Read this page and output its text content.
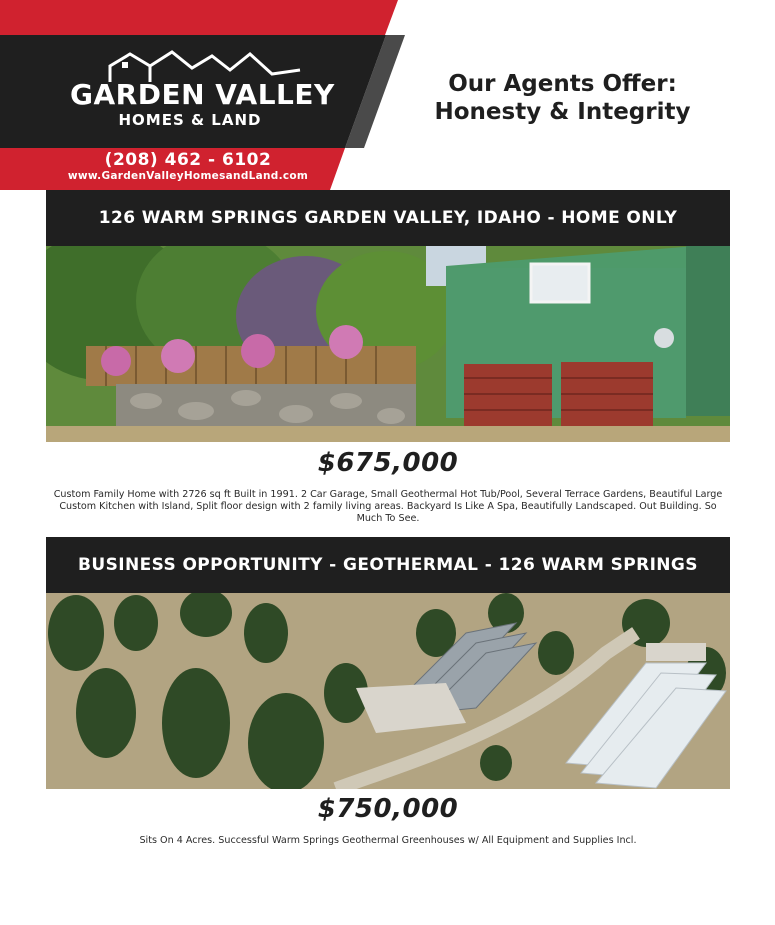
GARDEN VALLEY
HOMES & LAND
(208) 462 - 6102
www.GardenValleyHomesandLand.com
Our Agents Offer:
Honesty & Integrity
126 WARM SPRINGS GARDEN VALLEY, IDAHO - HOME ONLY
$675,000
Custom Family Home with 2726 sq ft Built in 1991. 2 Car Garage, Small Geothermal Hot Tub/Pool, Several Terrace Gardens, Beautiful Large Custom Kitchen with Island, Split floor design with 2 family living areas. Backyard Is Like A Spa, Beautifully Landscaped. Out Building. So Much To See.
BUSINESS OPPORTUNITY - GEOTHERMAL - 126 WARM SPRINGS
$750,000
Sits On 4 Acres. Successful Warm Springs Geothermal Greenhouses w/ All Equipment and Supplies Incl.
